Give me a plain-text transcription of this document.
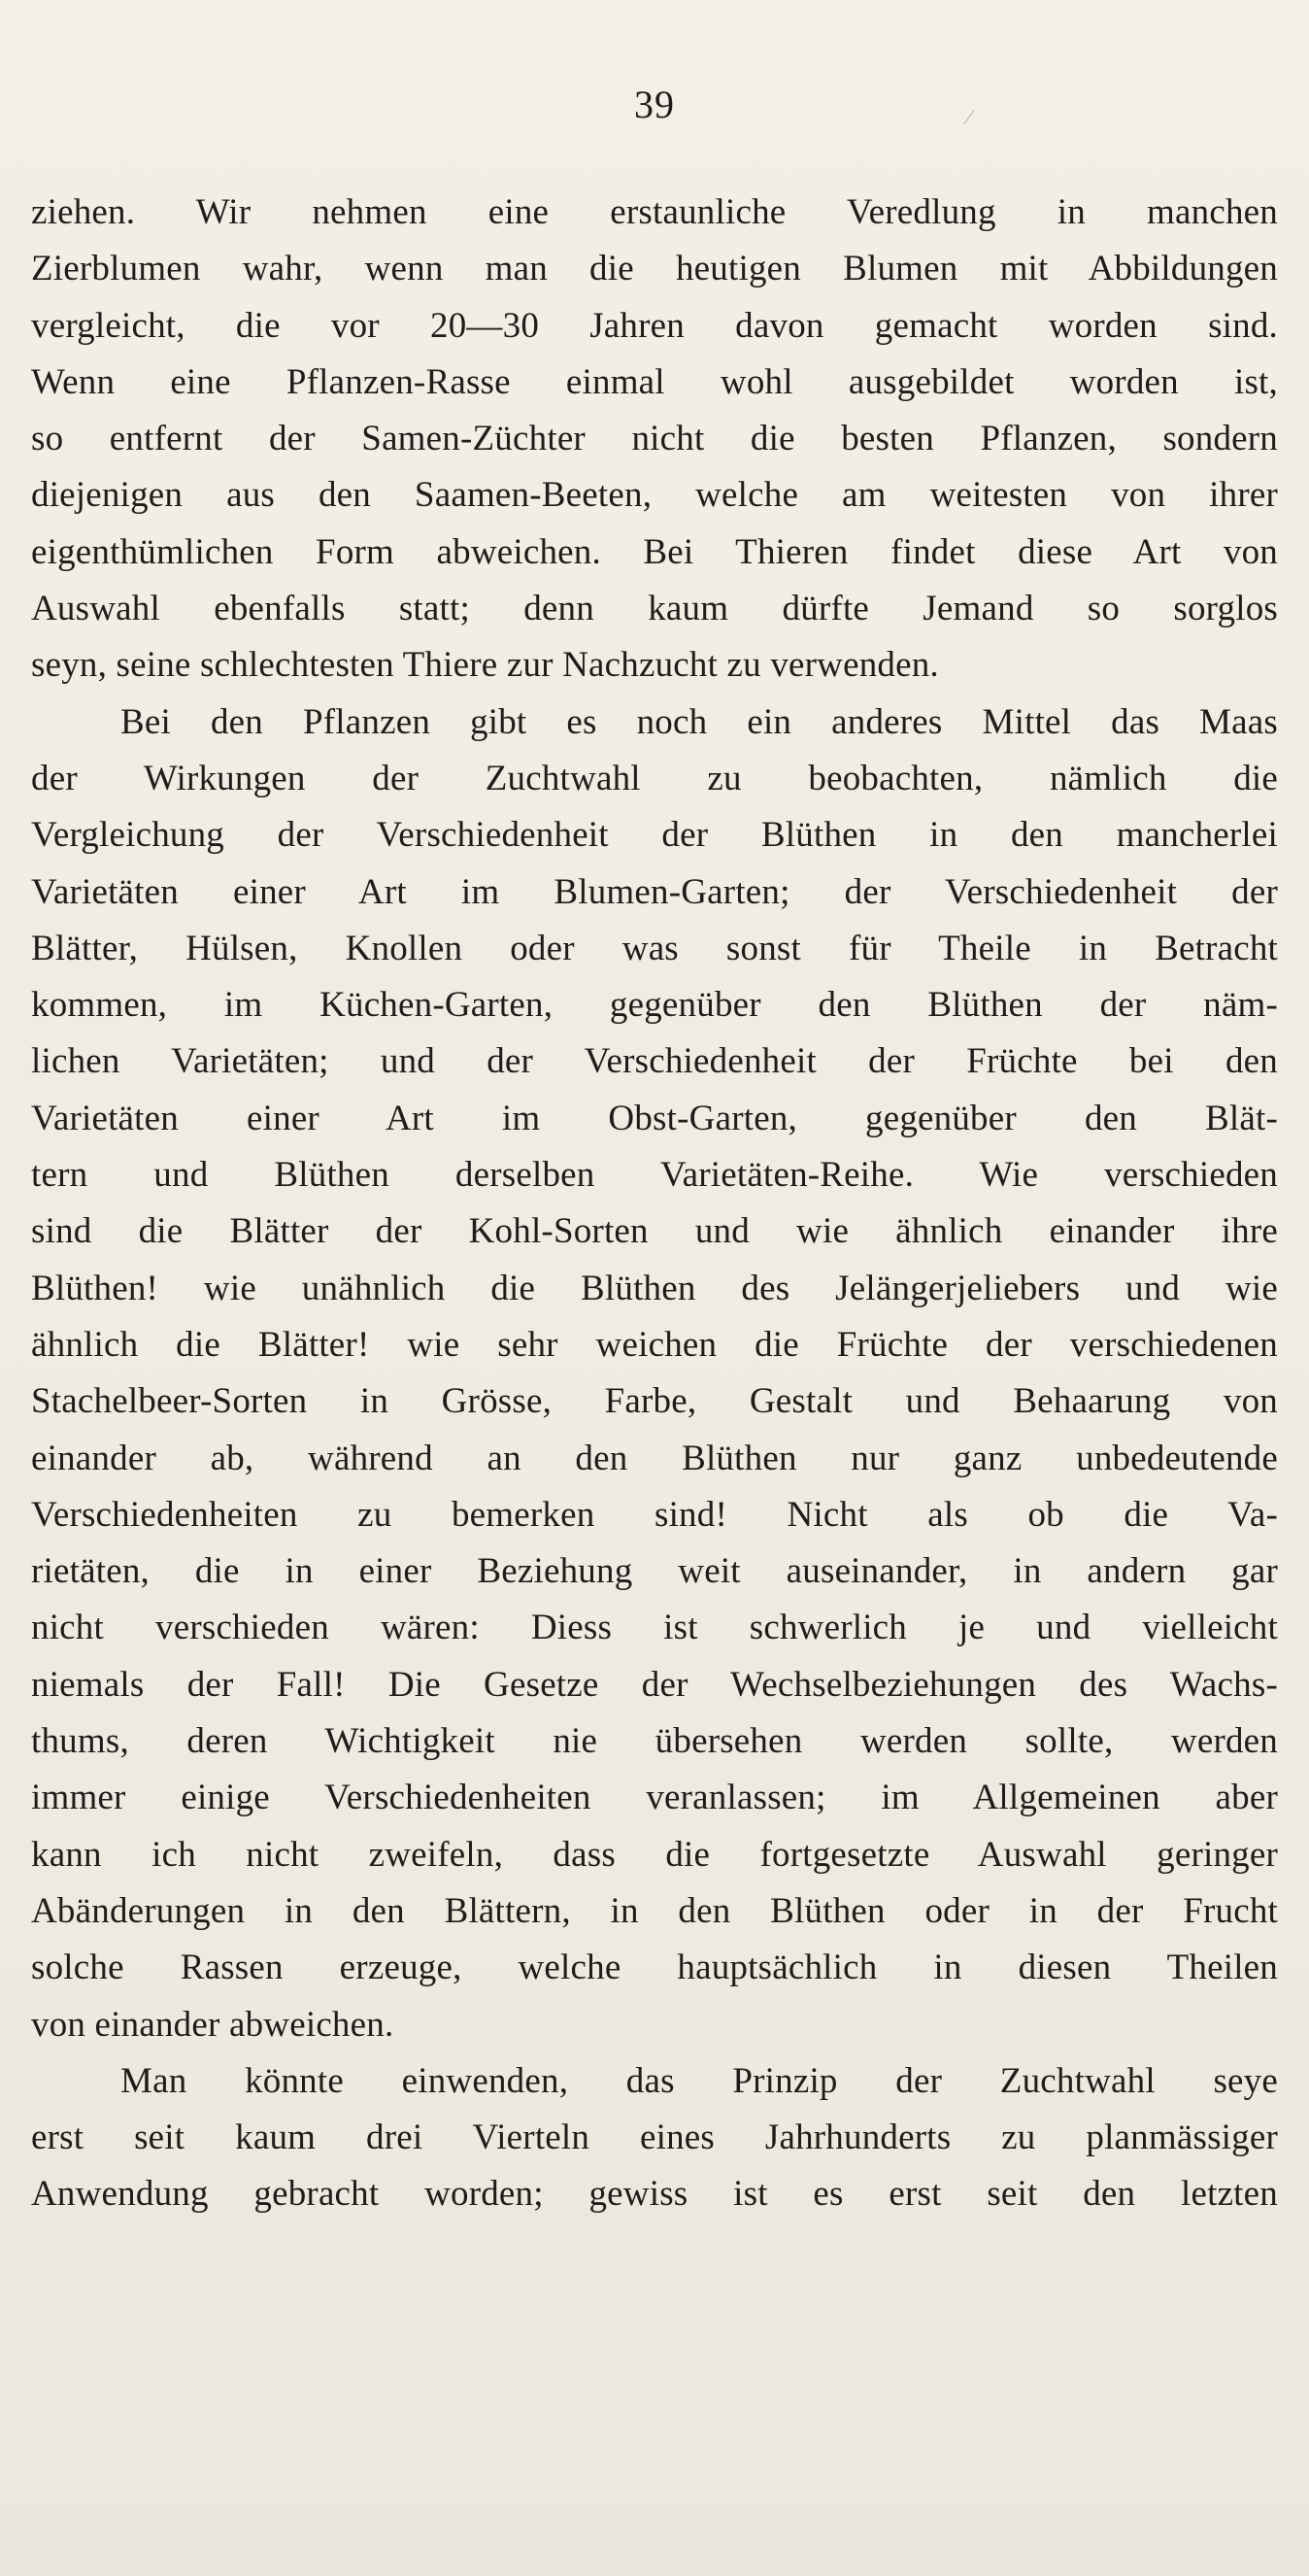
39	⁄
ziehen. Wir nehmen eine erstaunliche Veredlung in manchen
Zierblumen wahr, wenn man die heutigen Blumen mit Abbildungen
vergleicht, die vor 20—30 Jahren davon gemacht worden sind.
Wenn eine Pflanzen-Rasse einmal wohl ausgebildet worden ist,
so entfernt der Samen-Züchter nicht die besten Pflanzen, sondern
diejenigen aus den Saamen-Beeten, welche am weitesten von ihrer
eigenthümlichen Form abweichen. Bei Thieren findet diese Art von
Auswahl ebenfalls statt; denn kaum dürfte Jemand so sorglos
seyn, seine schlechtesten Thiere zur Nachzucht zu verwenden.
Bei den Pflanzen gibt es noch ein anderes Mittel das Maas
der Wirkungen der Zuchtwahl zu beobachten, nämlich die
Vergleichung der Verschiedenheit der Blüthen in den mancherlei
Varietäten einer Art im Blumen-Garten; der Verschiedenheit der
Blätter, Hülsen, Knollen oder was sonst für Theile in Betracht
kommen, im Küchen-Garten, gegenüber den Blüthen der näm-
lichen Varietäten; und der Verschiedenheit der Früchte bei den
Varietäten einer Art im Obst-Garten, gegenüber den Blät-
tern und Blüthen derselben Varietäten-Reihe. Wie verschieden
sind die Blätter der Kohl-Sorten und wie ähnlich einander ihre
Blüthen! wie unähnlich die Blüthen des Jelängerjeliebers und wie
ähnlich die Blätter! wie sehr weichen die Früchte der verschiedenen
Stachelbeer-Sorten in Grösse, Farbe, Gestalt und Behaarung von
einander ab, während an den Blüthen nur ganz unbedeutende
Verschiedenheiten zu bemerken sind! Nicht als ob die Va-
rietäten, die in einer Beziehung weit auseinander, in andern gar
nicht verschieden wären: Diess ist schwerlich je und vielleicht
niemals der Fall! Die Gesetze der Wechselbeziehungen des Wachs-
thums, deren Wichtigkeit nie übersehen werden sollte, werden
immer einige Verschiedenheiten veranlassen; im Allgemeinen aber
kann ich nicht zweifeln, dass die fortgesetzte Auswahl geringer
Abänderungen in den Blättern, in den Blüthen oder in der Frucht
solche Rassen erzeuge, welche hauptsächlich in diesen Theilen
von einander abweichen.
Man könnte einwenden, das Prinzip der Zuchtwahl seye
erst seit kaum drei Vierteln eines Jahrhunderts zu planmässiger
Anwendung gebracht worden; gewiss ist es erst seit den letzten
